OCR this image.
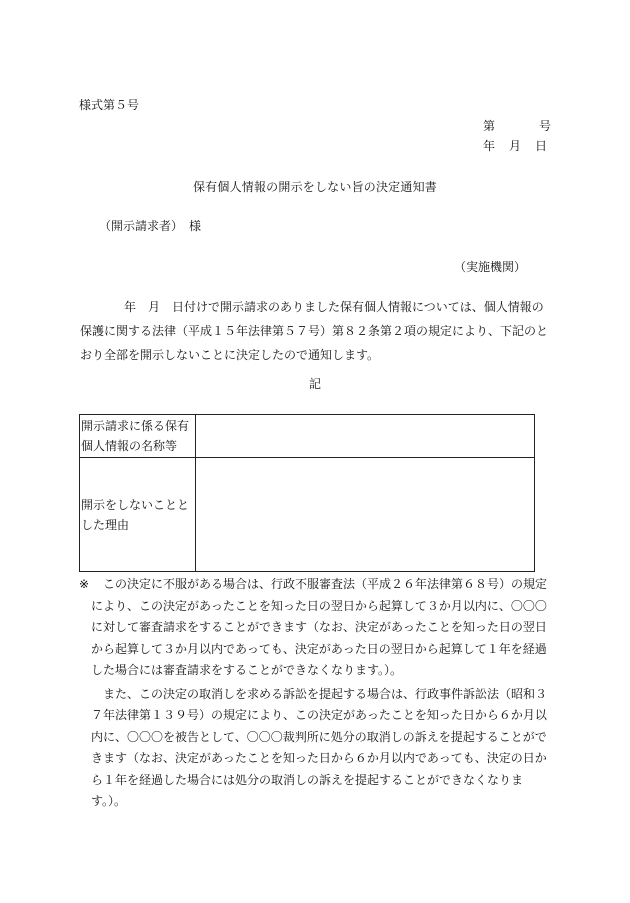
様式第５号
第	号
年 月 日
保有個人情報の開示をしない旨の決定通知書
（開示請求者）　様
（実施機関）
年　月　日付けで開示請求のありました保有個人情報については、個人情報の保護に関する法律（平成１５年法律第５７号）第８２条第２項の規定により、下記のとおり全部を開示しないことに決定したので通知します。
記
開示請求に係る保有個人情報の名称等
開示をしないこととした理由
※ この決定に不服がある場合は、行政不服審査法（平成２６年法律第６８号）の規定により、この決定があったことを知った日の翌日から起算して３か月以内に、〇〇〇に対して審査請求をすることができます（なお、決定があったことを知った日の翌日から起算して３か月以内であっても、決定があった日の翌日から起算して１年を経過した場合には審査請求をすることができなくなります。）。
また、この決定の取消しを求める訴訟を提起する場合は、行政事件訴訟法（昭和３７年法律第１３９号）の規定により、この決定があったことを知った日から６か月以内に、〇〇〇を被告として、〇〇〇裁判所に処分の取消しの訴えを提起することができます（なお、決定があったことを知った日から６か月以内であっても、決定の日から１年を経過した場合には処分の取消しの訴えを提起することができなくなります。）。
